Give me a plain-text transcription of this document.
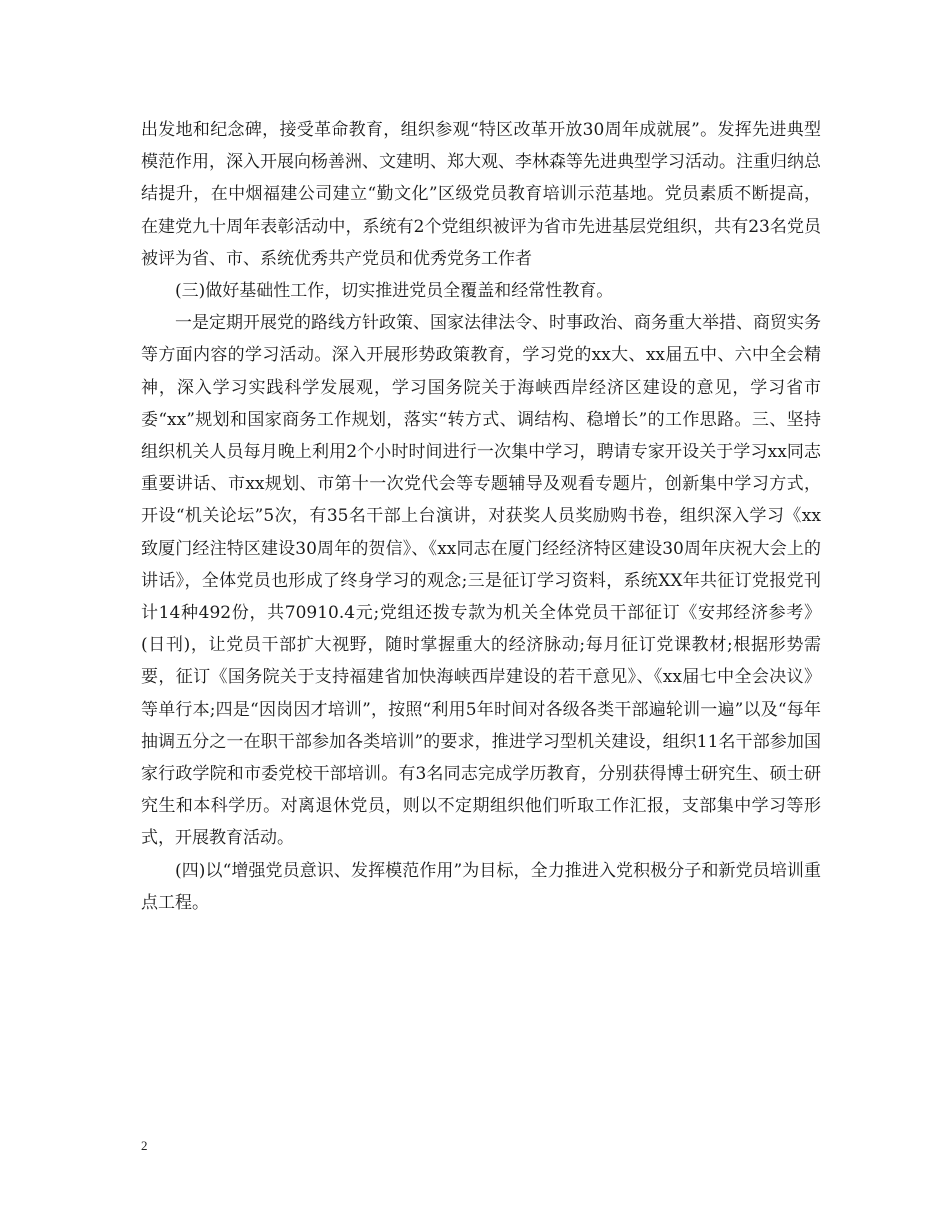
出发地和纪念碑，接受革命教育，组织参观“特区改革开放30周年成就展”。发挥先进典型模范作用，深入开展向杨善洲、文建明、郑大观、李林森等先进典型学习活动。注重归纳总结提升，在中烟福建公司建立“勤文化”区级党员教育培训示范基地。党员素质不断提高，在建党九十周年表彰活动中，系统有2个党组织被评为省市先进基层党组织，共有23名党员被评为省、市、系统优秀共产党员和优秀党务工作者

(三)做好基础性工作，切实推进党员全覆盖和经常性教育。

一是定期开展党的路线方针政策、国家法律法令、时事政治、商务重大举措、商贸实务等方面内容的学习活动。深入开展形势政策教育，学习党的xx大、xx届五中、六中全会精神，深入学习实践科学发展观，学习国务院关于海峡西岸经济区建设的意见，学习省市委“xx”规划和国家商务工作规划，落实“转方式、调结构、稳增长”的工作思路。三、坚持组织机关人员每月晚上利用2个小时时间进行一次集中学习，聘请专家开设关于学习xx同志重要讲话、市xx规划、市第十一次党代会等专题辅导及观看专题片，创新集中学习方式，开设“机关论坛”5次，有35名干部上台演讲，对获奖人员奖励购书卷，组织深入学习《xx致厦门经注特区建设30周年的贺信》、《xx同志在厦门经经济特区建设30周年庆祝大会上的讲话》，全体党员也形成了终身学习的观念;三是征订学习资料，系统XX年共征订党报党刊计14种492份，共70910.4元;党组还拨专款为机关全体党员干部征订《安邦经济参考》(日刊)，让党员干部扩大视野，随时掌握重大的经济脉动;每月征订党课教材;根据形势需要，征订《国务院关于支持福建省加快海峡西岸建设的若干意见》、《xx届七中全会决议》等单行本;四是“因岗因才培训”，按照“利用5年时间对各级各类干部遍轮训一遍”以及“每年抽调五分之一在职干部参加各类培训”的要求，推进学习型机关建设，组织11名干部参加国家行政学院和市委党校干部培训。有3名同志完成学历教育，分别获得博士研究生、硕士研究生和本科学历。对离退休党员，则以不定期组织他们听取工作汇报，支部集中学习等形式，开展教育活动。

(四)以“增强党员意识、发挥模范作用”为目标，全力推进入党积极分子和新党员培训重点工程。

2
